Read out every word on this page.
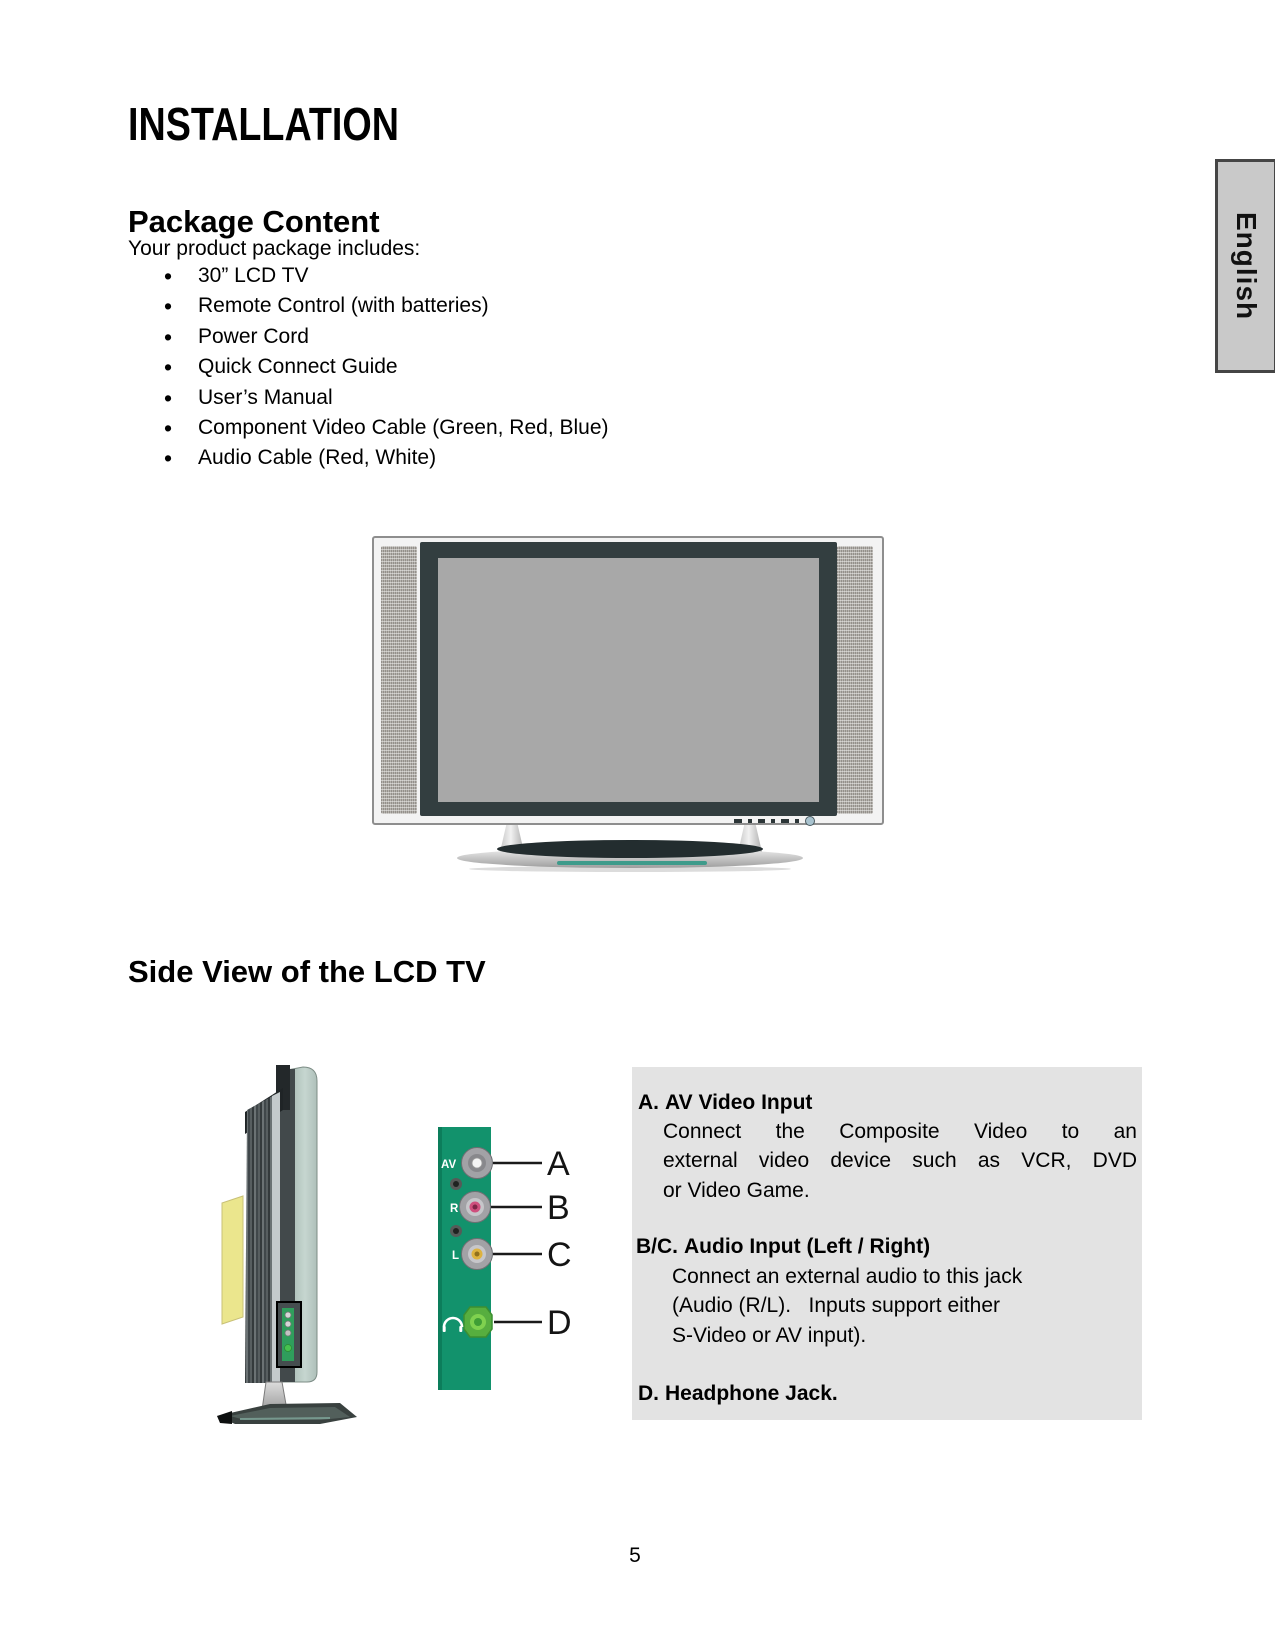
INSTALLATION
English
Package Content

Your product package includes:

•	30” LCD TV
•	Remote Control (with batteries)
•	Power Cord
•	Quick Connect Guide
•	User’s Manual
•	Component Video Cable (Green, Red, Blue)
•	Audio Cable (Red, White)
Side View of the LCD TV
AV
R
L
A
B
C
D
A. AV Video Input
Connect the Composite Video to an
external video device such as VCR, DVD
or Video Game.
B/C. Audio Input (Left / Right)
Connect an external audio to this jack
(Audio (R/L).   Inputs support either
S-Video or AV input).
D. Headphone Jack.
5
